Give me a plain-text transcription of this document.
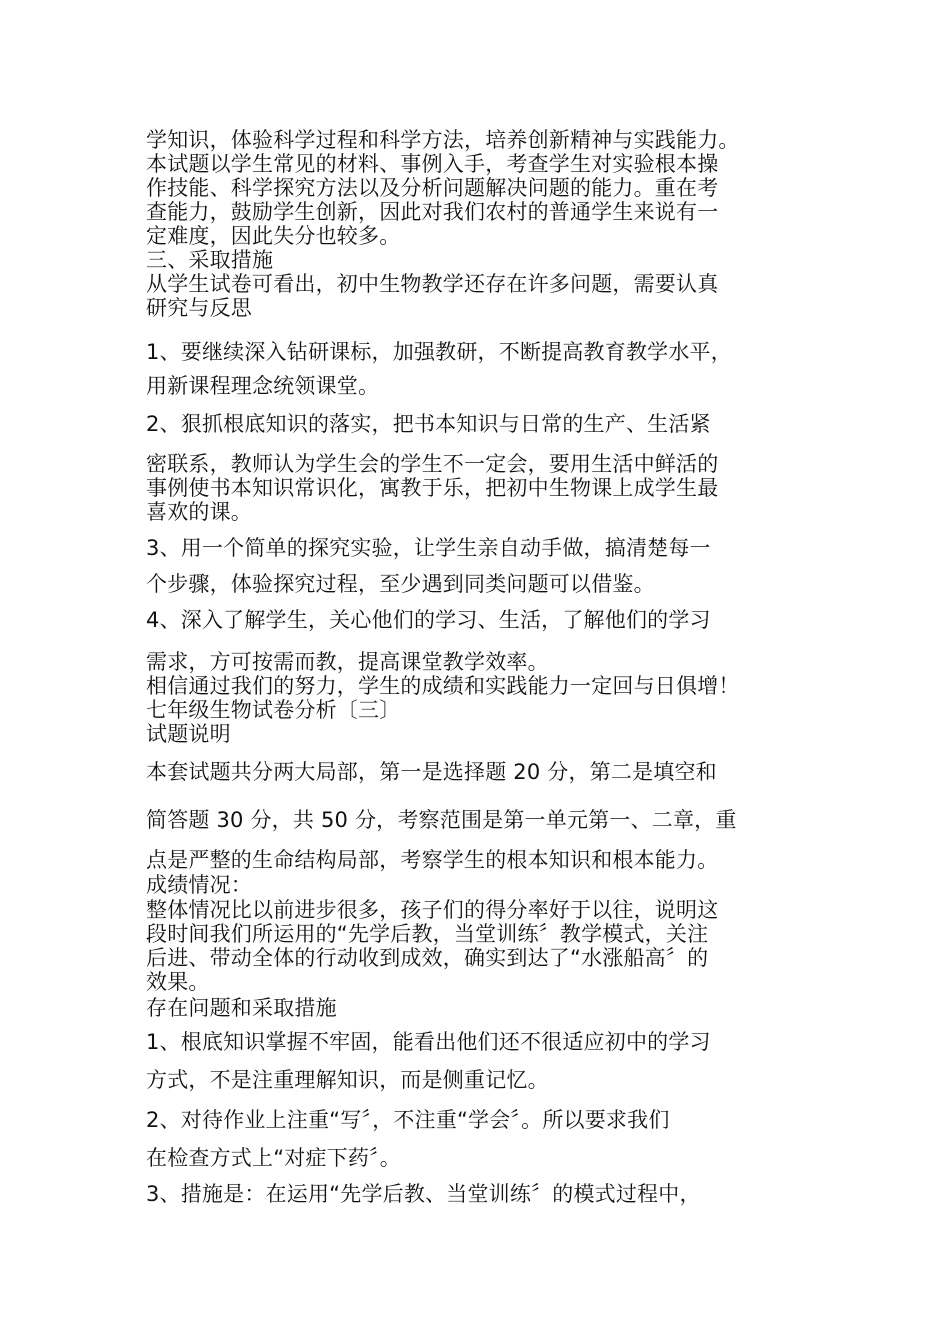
学知识，体验科学过程和科学方法，培养创新精神与实践能力。
本试题以学生常见的材料、事例入手，考查学生对实验根本操
作技能、科学探究方法以及分析问题解决问题的能力。重在考
查能力，鼓励学生创新，因此对我们农村的普通学生来说有一
定难度，因此失分也较多。
三、采取措施
从学生试卷可看出，初中生物教学还存在许多问题，需要认真
研究与反思
1、要继续深入钻研课标，加强教研，不断提高教育教学水平，
用新课程理念统领课堂。
2、狠抓根底知识的落实，把书本知识与日常的生产、生活紧
密联系，教师认为学生会的学生不一定会，要用生活中鲜活的
事例使书本知识常识化，寓教于乐，把初中生物课上成学生最
喜欢的课。
3、用一个简单的探究实验，让学生亲自动手做，搞清楚每一
个步骤，体验探究过程，至少遇到同类问题可以借鉴。
4、深入了解学生，关心他们的学习、生活，了解他们的学习
需求，方可按需而教，提高课堂教学效率。
相信通过我们的努力，学生的成绩和实践能力一定回与日俱增！
七年级生物试卷分析〔三〕
试题说明
本套试题共分两大局部，第一是选择题 20 分，第二是填空和
简答题 30 分，共 50 分，考察范围是第一单元第一、二章，重
点是严整的生命结构局部，考察学生的根本知识和根本能力。
成绩情况：
整体情况比以前进步很多，孩子们的得分率好于以往，说明这
段时间我们所运用的“先学后教，当堂训练〞教学模式，关注
后进、带动全体的行动收到成效，确实到达了“水涨船高〞的
效果。
存在问题和采取措施
1、根底知识掌握不牢固，能看出他们还不很适应初中的学习
方式，不是注重理解知识，而是侧重记忆。
2、对待作业上注重“写〞，不注重“学会〞。所以要求我们
在检查方式上“对症下药〞。
3、措施是：在运用“先学后教、当堂训练〞的模式过程中，
